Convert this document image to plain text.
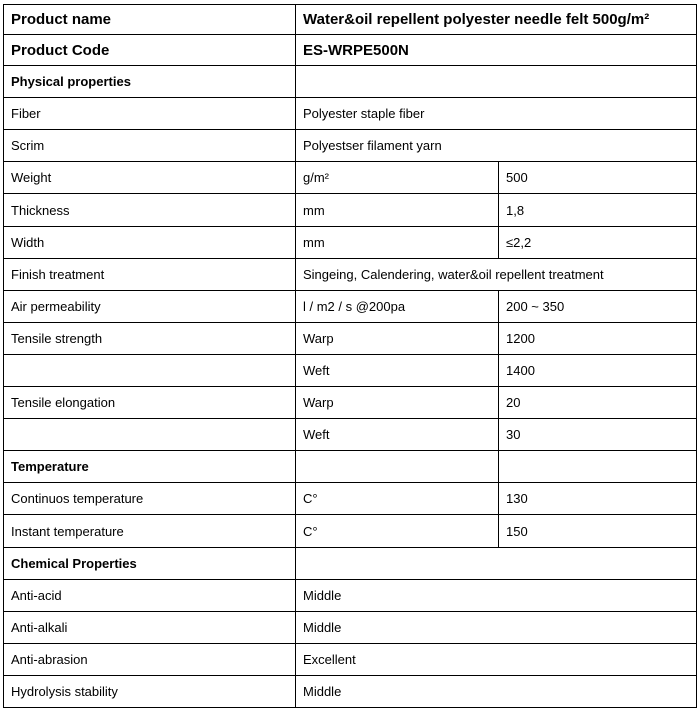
Product name	Water&oil repellent polyester needle felt 500g/m²	
Product Code	ES-WRPE500N	
Physical properties		
Fiber	Polyester staple fiber	
Scrim	Polyestser filament yarn	
Weight	g/m²	500
Thickness	mm	1,8
Width	mm	≤2,2
Finish treatment	Singeing, Calendering, water&oil repellent treatment	
Air permeability	l / m2 / s @200pa	200 ~ 350
Tensile strength	Warp	1200
	Weft	1400
Tensile elongation	Warp	20
	Weft	30
Temperature		
Continuos temperature	C°	130
Instant temperature	C°	150
Chemical Properties		
Anti-acid	Middle	
Anti-alkali	Middle	
Anti-abrasion	Excellent	
Hydrolysis stability	Middle	
